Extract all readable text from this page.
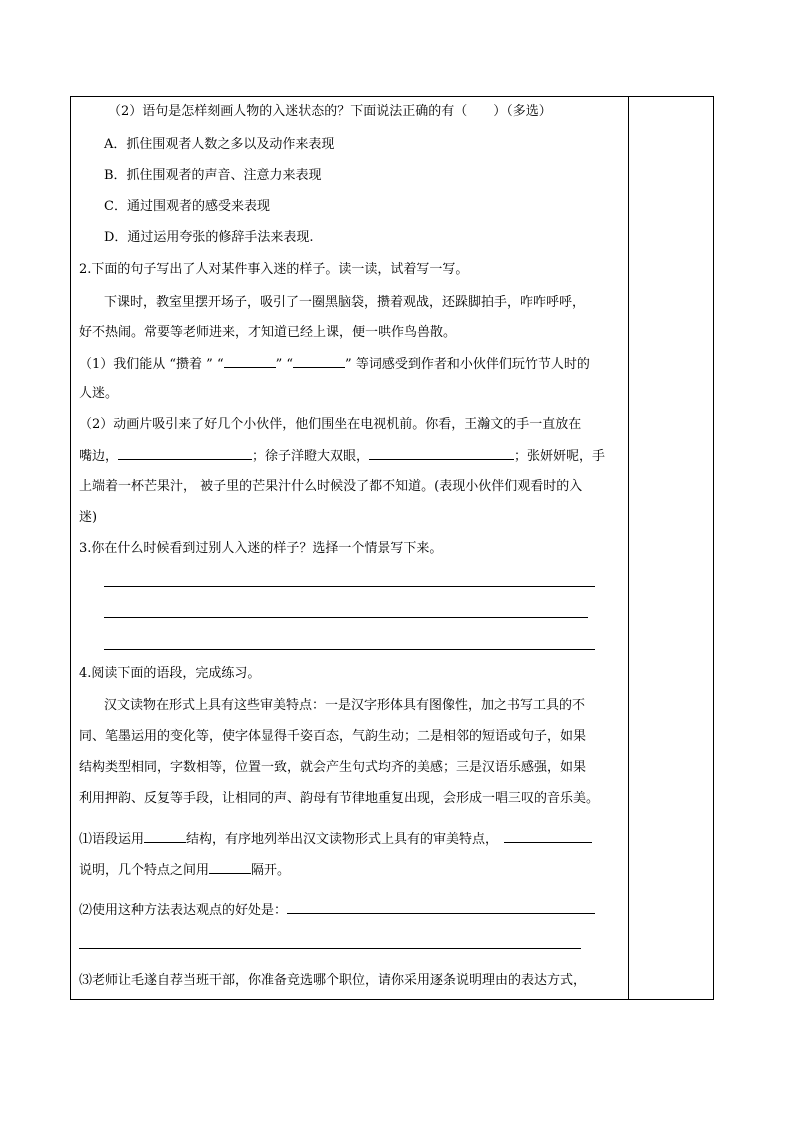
（2）语句是怎样刻画人物的入迷状态的？下面说法正确的有（　　）（多选）
A．抓住围观者人数之多以及动作来表现
B．抓住围观者的声音、注意力来表现
C．通过围观者的感受来表现
D．通过运用夸张的修辞手法来表现.
2.下面的句子写出了人对某件事入迷的样子。读一读，试着写一写。
下课时，教室里摆开场子，吸引了一圈黑脑袋，攒着观战，还跺脚拍手，咋咋呼呼，
好不热闹。常要等老师进来，才知道已经上课，便一哄作鸟兽散。
（1）我们能从 “攒着 ” “	” “	” 等词感受到作者和小伙伴们玩竹节人时的
人迷。
（2）动画片吸引来了好几个小伙伴，他们围坐在电视机前。你看，王瀚文的手一直放在
嘴边，	；徐子洋瞪大双眼，	；张妍妍呢，手
上端着一杯芒果汁， 被子里的芒果汁什么时候没了都不知道。(表现小伙伴们观看时的入
迷)
3.你在什么时候看到过别人入迷的样子？选择一个情景写下来。
4.阅读下面的语段，完成练习。
汉文读物在形式上具有这些审美特点：一是汉字形体具有图像性，加之书写工具的不
同、笔墨运用的变化等，使字体显得千姿百态，气韵生动；二是相邻的短语或句子，如果
结构类型相同，字数相等，位置一致，就会产生句式均齐的美感；三是汉语乐感强，如果
利用押韵、反复等手段，让相同的声、韵母有节律地重复出现，会形成一唱三叹的音乐美。
⑴语段运用	结构，有序地列举出汉文读物形式上具有的审美特点，
说明，几个特点之间用	隔开。
⑵使用这种方法表达观点的好处是：
⑶老师让毛遂自荐当班干部，你准备竞选哪个职位，请你采用逐条说明理由的表达方式，
